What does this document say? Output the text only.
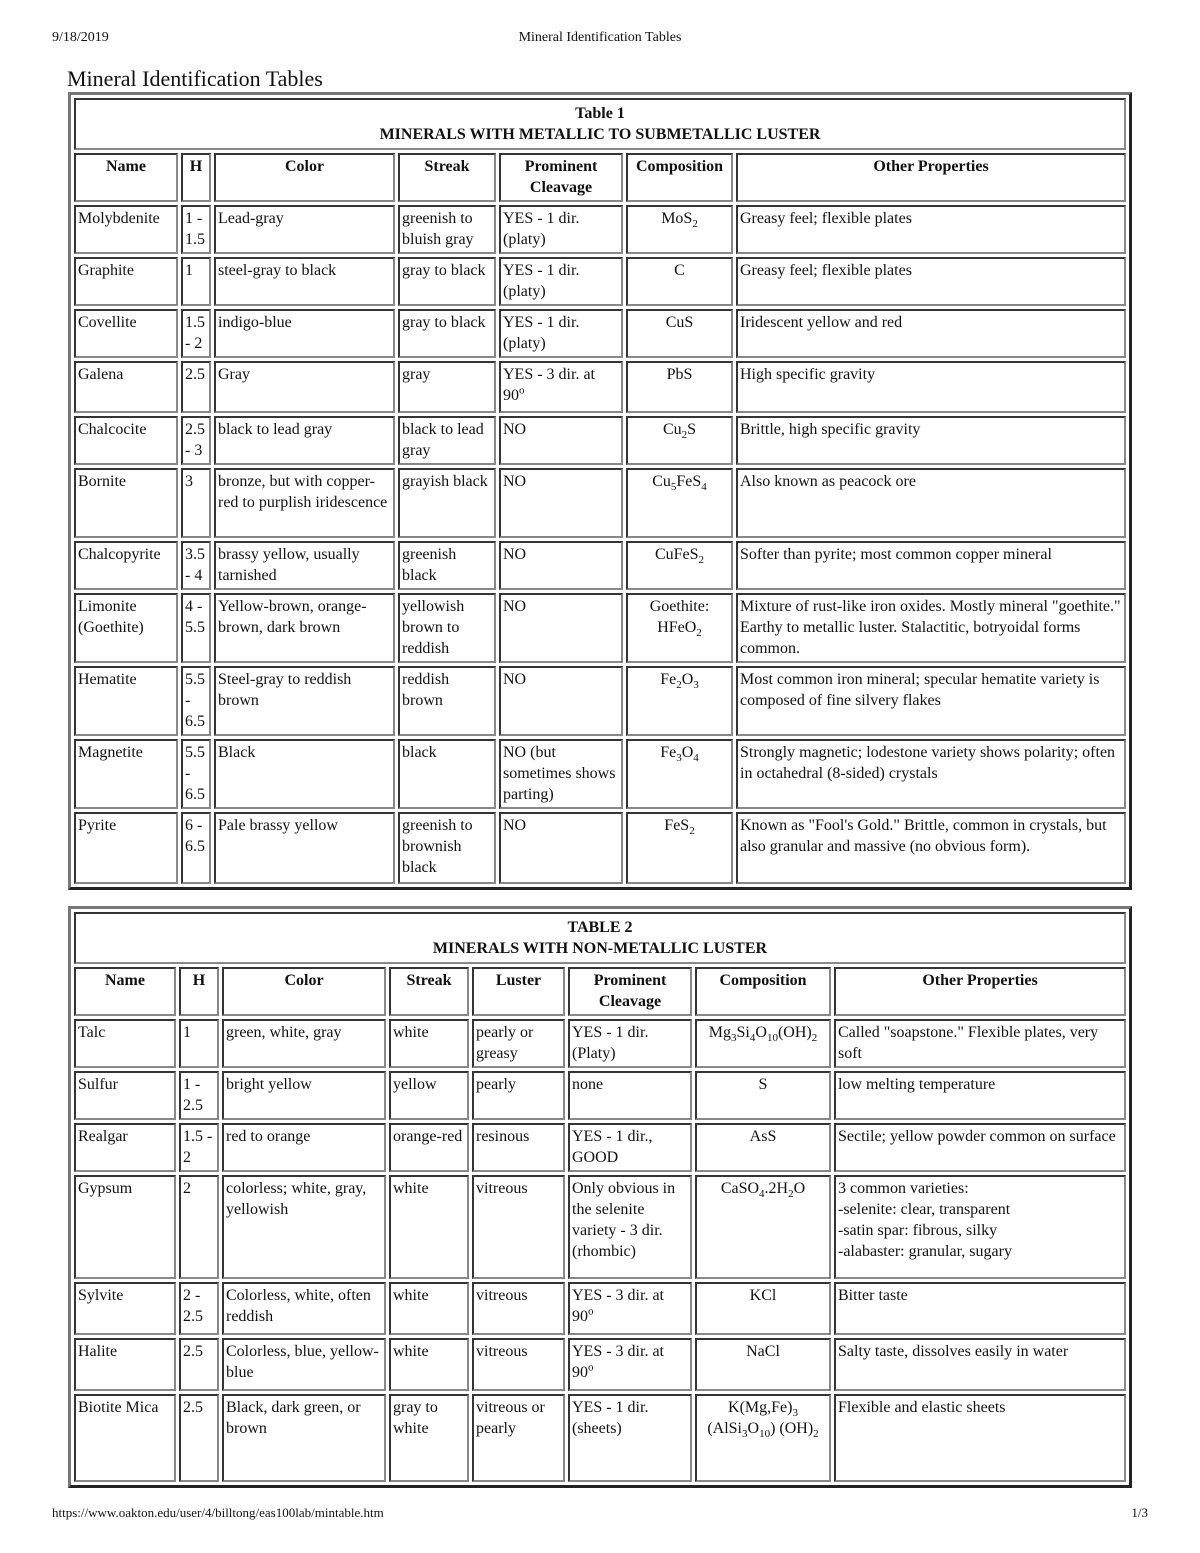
9/18/2019	Mineral Identification Tables
Mineral Identification Tables
Table 1
MINERALS WITH METALLIC TO SUBMETALLIC LUSTER						

Name	H	Color	Streak	Prominent Cleavage	Composition	Other Properties
Molybdenite	1 - 1.5	Lead-gray	greenish to bluish gray	YES - 1 dir. (platy)	MoS$_2$	Greasy feel; flexible plates
Graphite	1	steel-gray to black	gray to black	YES - 1 dir. (platy)	C	Greasy feel; flexible plates
Covellite	1.5 - 2	indigo-blue	gray to black	YES - 1 dir. (platy)	CuS	Iridescent yellow and red
Galena	2.5	Gray	gray	YES - 3 dir. at 90$^o$	PbS	High specific gravity
Chalcocite	2.5 - 3	black to lead gray	black to lead gray	NO	$Cu_2S$	Brittle, high specific gravity
Bornite	3	bronze, but with copper-red to purplish iridescence	grayish black	NO	$Cu_5FeS_4$	Also known as peacock ore
Chalcopyrite	3.5 - 4	brassy yellow, usually tarnished	greenish black	NO	CuFeS$_2$	Softer than pyrite; most common copper mineral
Limonite (Goethite)	4 - 5.5	Yellow-brown, orange-brown, dark brown	yellowish brown to reddish	NO	Goethite: HFeO$_2$	Mixture of rust-like iron oxides. Mostly mineral "goethite." Earthy to metallic luster. Stalactitic, botryoidal forms common.
Hematite	5.5 - 6.5	Steel-gray to reddish brown	reddish brown	NO	$Fe_2O_3$	Most common iron mineral; specular hematite variety is composed of fine silvery flakes
Magnetite	5.5 - 6.5	Black	black	NO (but sometimes shows parting)	$Fe_3O_4$	Strongly magnetic; lodestone variety shows polarity; often in octahedral (8-sided) crystals
Pyrite	6 - 6.5	Pale brassy yellow	greenish to brownish black	NO	FeS$_2$	Known as "Fool's Gold." Brittle, common in crystals, but also granular and massive (no obvious form).
TABLE 2
MINERALS WITH NON-METALLIC LUSTER							

Name	H	Color	Streak	Luster	Prominent Cleavage	Composition	Other Properties
Talc	1	green, white, gray	white	pearly or greasy	YES - 1 dir. (Platy)	$Mg_3Si_4O_{10}(OH)_2$	Called "soapstone." Flexible plates, very soft
Sulfur	1 - 2.5	bright yellow	yellow	pearly	none	S	low melting temperature
Realgar	1.5 - 2	red to orange	orange-red	resinous	YES - 1 dir., GOOD	AsS	Sectile; yellow powder common on surface
Gypsum	2	colorless; white, gray, yellowish	white	vitreous	Only obvious in the selenite variety - 3 dir. (rhombic)	$CaSO_4.2H_2O$	3 common varieties:
-selenite: clear, transparent
-satin spar: fibrous, silky
-alabaster: granular, sugary

Sylvite	2 - 2.5	Colorless, white, often reddish	white	vitreous	YES - 3 dir. at 90$^o$	KCl	Bitter taste
Halite	2.5	Colorless, blue, yellow-blue	white	vitreous	YES - 3 dir. at 90$^o$	NaCl	Salty taste, dissolves easily in water
Biotite Mica	2.5	Black, dark green, or brown	gray to white	vitreous or pearly	YES - 1 dir. (sheets)	$K(Mg,Fe)_3$ $(AlSi_3O_{10})$ $(OH)_2$	Flexible and elastic sheets
https://www.oakton.edu/user/4/billtong/eas100lab/mintable.htm	1/3
